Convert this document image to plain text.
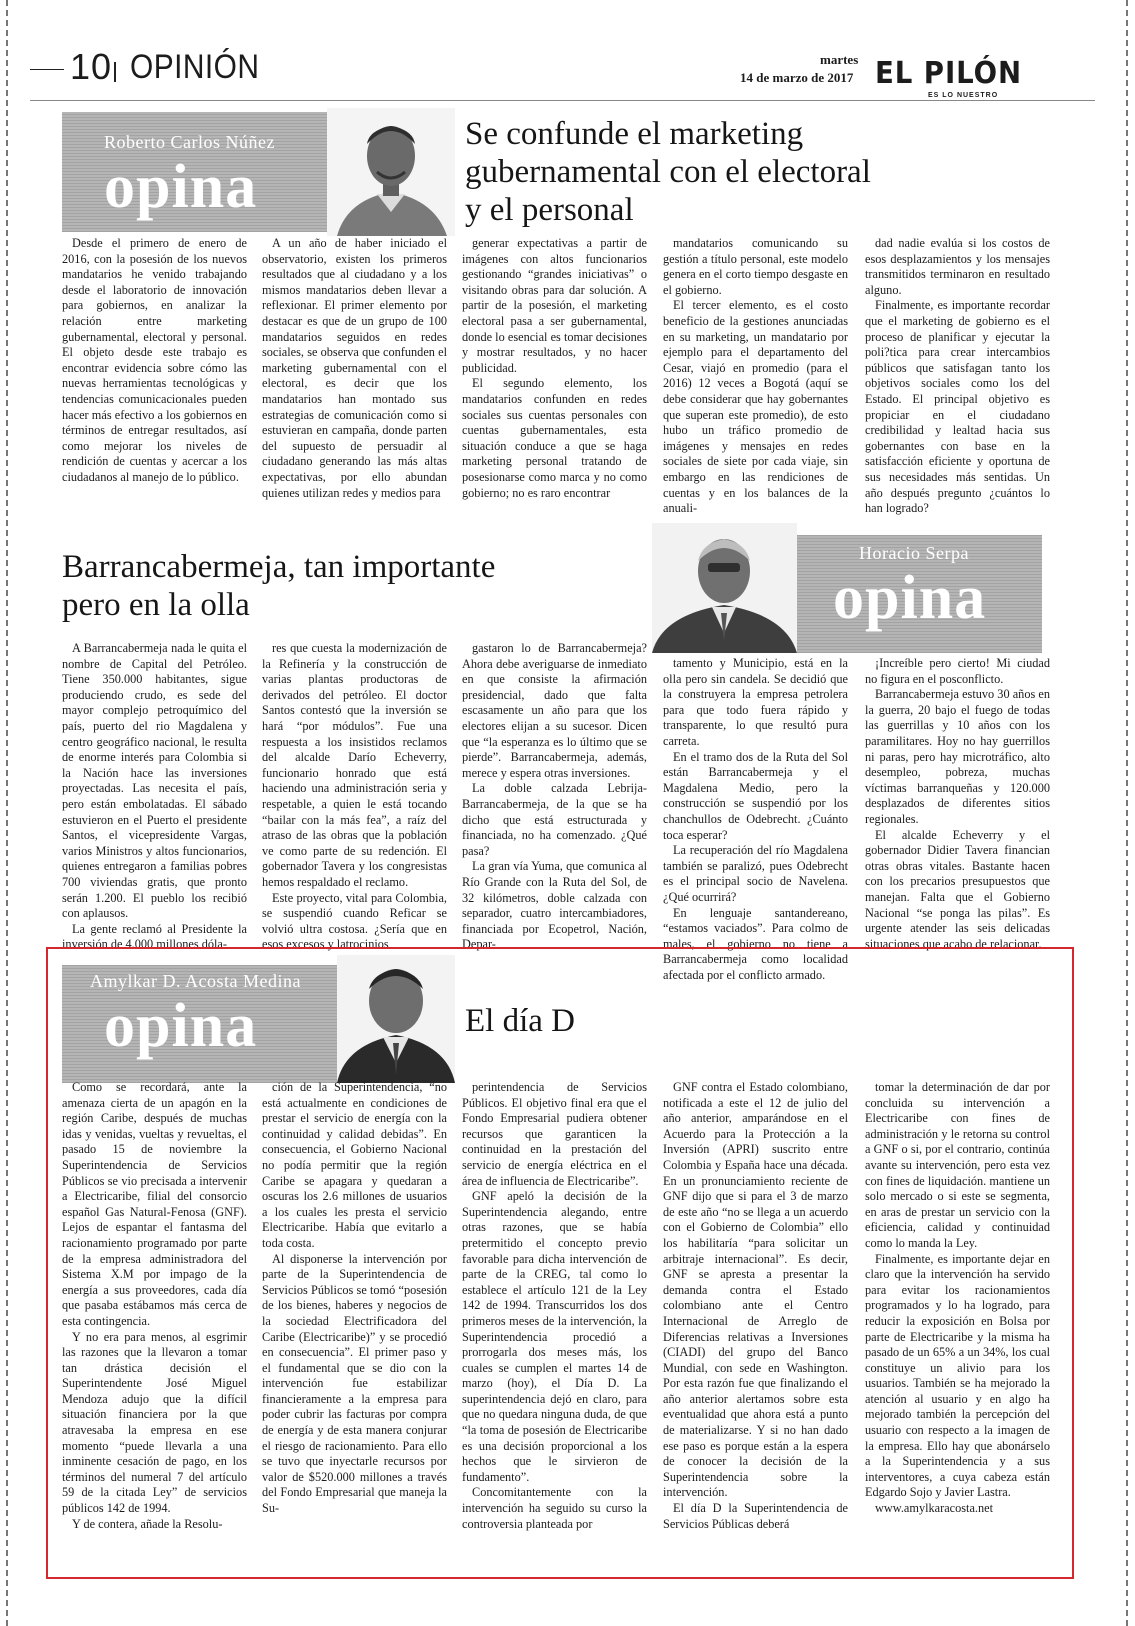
10 OPINIÓN	martes
14 de marzo de 2017 EL PILÓN
ES LO NUESTRO
Roberto Carlos Núñez
opina
Se confunde el marketing
gubernamental con el electoral
y el personal

Desde el primero de enero de 2016, con la posesión de los nuevos mandatarios he venido trabajando desde el laboratorio de innovación para gobiernos, en analizar la relación entre marketing gubernamental, electoral y personal. El objeto desde este trabajo es encontrar evidencia sobre cómo las nuevas herramientas tecnológicas y tendencias comunicacionales pueden hacer más efectivo a los gobiernos en términos de entregar resultados, así como mejorar los niveles de rendición de cuentas y acercar a los ciudadanos al manejo de lo público.

A un año de haber iniciado el observatorio, existen los primeros resultados que al ciudadano y a los mismos mandatarios deben llevar a reflexionar. El primer elemento por destacar es que de un grupo de 100 mandatarios seguidos en redes sociales, se observa que confunden el marketing gubernamental con el electoral, es decir que los mandatarios han montado sus estrategias de comunicación como si estuvieran en campaña, donde parten del supuesto de persuadir al ciudadano generando las más altas expectativas, por ello abundan quienes utilizan redes y medios para

generar expectativas a partir de imágenes con altos funcionarios gestionando “grandes iniciativas” o visitando obras para dar solución. A partir de la posesión, el marketing electoral pasa a ser gubernamental, donde lo esencial es tomar decisiones y mostrar resultados, y no hacer publicidad.

El segundo elemento, los mandatarios confunden en redes sociales sus cuentas personales con cuentas gubernamentales, esta situación conduce a que se haga marketing personal tratando de posesionarse como marca y no como gobierno; no es raro encontrar

mandatarios comunicando su gestión a título personal, este modelo genera en el corto tiempo desgaste en el gobierno.

El tercer elemento, es el costo beneficio de la gestiones anunciadas en su marketing, un mandatario por ejemplo para el departamento del Cesar, viajó en promedio (para el 2016) 12 veces a Bogotá (aquí se debe considerar que hay gobernantes que superan este promedio), de esto hubo un tráfico promedio de imágenes y mensajes en redes sociales de siete por cada viaje, sin embargo en las rendiciones de cuentas y en los balances de la anuali-

dad nadie evalúa si los costos de esos desplazamientos y los mensajes transmitidos terminaron en resultado alguno.

Finalmente, es importante recordar que el marketing de gobierno es el proceso de planificar y ejecutar la poli?tica para crear intercambios públicos que satisfagan tanto los objetivos sociales como los del Estado. El principal objetivo es propiciar en el ciudadano credibilidad y lealtad hacia sus gobernantes con base en la satisfacción eficiente y oportuna de sus necesidades más sentidas. Un año después pregunto ¿cuántos lo han logrado?

Barrancabermeja, tan importante
pero en la olla
Horacio Serpa
opina

A Barrancabermeja nada le quita el nombre de Capital del Petróleo. Tiene 350.000 habitantes, sigue produciendo crudo, es sede del mayor complejo petroquímico del país, puerto del rio Magdalena y centro geográfico nacional, le resulta de enorme interés para Colombia si la Nación hace las inversiones proyectadas. Las necesita el país, pero están embolatadas. El sábado estuvieron en el Puerto el presidente Santos, el vicepresidente Vargas, varios Ministros y altos funcionarios, quienes entregaron a familias pobres 700 viviendas gratis, que pronto serán 1.200. El pueblo los recibió con aplausos.

La gente reclamó al Presidente la inversión de 4.000 millones dóla-

res que cuesta la modernización de la Refinería y la construcción de varias plantas productoras de derivados del petróleo. El doctor Santos contestó que la inversión se hará “por módulos”. Fue una respuesta a los insistidos reclamos del alcalde Darío Echeverry, funcionario honrado que está haciendo una administración seria y respetable, a quien le está tocando “bailar con la más fea”, a raíz del atraso de las obras que la población ve como parte de su redención. El gobernador Tavera y los congresistas hemos respaldado el reclamo.

Este proyecto, vital para Colombia, se suspendió cuando Reficar se volvió ultra costosa. ¿Sería que en esos excesos y latrocinios

gastaron lo de Barrancabermeja? Ahora debe averiguarse de inmediato en que consiste la afirmación presidencial, dado que falta escasamente un año para que los electores elijan a su sucesor. Dicen que “la esperanza es lo último que se pierde”. Barrancabermeja, además, merece y espera otras inversiones.

La doble calzada Lebrija-Barrancabermeja, de la que se ha dicho que está estructurada y financiada, no ha comenzado. ¿Qué pasa?

La gran vía Yuma, que comunica al Río Grande con la Ruta del Sol, de 32 kilómetros, doble calzada con separador, cuatro intercambiadores, financiada por Ecopetrol, Nación, Depar-

tamento y Municipio, está en la olla pero sin candela. Se decidió que la construyera la empresa petrolera para que todo fuera rápido y transparente, lo que resultó pura carreta.

En el tramo dos de la Ruta del Sol están Barrancabermeja y el Magdalena Medio, pero la construcción se suspendió por los chanchullos de Odebrecht. ¿Cuánto toca esperar?

La recuperación del río Magdalena también se paralizó, pues Odebrecht es el principal socio de Navelena. ¿Qué ocurrirá?

En lenguaje santandereano, “estamos vaciados”. Para colmo de males, el gobierno no tiene a Barrancabermeja como localidad afectada por el conflicto armado.

¡Increíble pero cierto! Mi ciudad no figura en el posconflicto.

Barrancabermeja estuvo 30 años en la guerra, 20 bajo el fuego de todas las guerrillas y 10 años con los paramilitares. Hoy no hay guerrillos ni paras, pero hay microtráfico, alto desempleo, pobreza, muchas víctimas barranqueñas y 120.000 desplazados de diferentes sitios regionales.

El alcalde Echeverry y el gobernador Didier Tavera financian otras obras vitales. Bastante hacen con los precarios presupuestos que manejan. Falta que el Gobierno Nacional “se ponga las pilas”. Es urgente atender las seis delicadas situaciones que acabo de relacionar.

Amylkar D. Acosta Medina
opina	El día D

Como se recordará, ante la amenaza cierta de un apagón en la región Caribe, después de muchas idas y venidas, vueltas y revueltas, el pasado 15 de noviembre la Superintendencia de Servicios Públicos se vio precisada a intervenir a Electricaribe, filial del consorcio español Gas Natural-Fenosa (GNF). Lejos de espantar el fantasma del racionamiento programado por parte de la empresa administradora del Sistema X.M por impago de la energía a sus proveedores, cada día que pasaba estábamos más cerca de esta contingencia.

Y no era para menos, al esgrimir las razones que la llevaron a tomar tan drástica decisión el Superintendente José Miguel Mendoza adujo que la difícil situación financiera por la que atravesaba la empresa en ese momento “puede llevarla a una inminente cesación de pago, en los términos del numeral 7 del artículo 59 de la citada Ley” de servicios públicos 142 de 1994.

Y de contera, añade la Resolu-

ción de la Superintendencia, “no está actualmente en condiciones de prestar el servicio de energía con la continuidad y calidad debidas”. En consecuencia, el Gobierno Nacional no podía permitir que la región Caribe se apagara y quedaran a oscuras los 2.6 millones de usuarios a los cuales les presta el servicio Electricaribe. Había que evitarlo a toda costa.

Al disponerse la intervención por parte de la Superintendencia de Servicios Públicos se tomó “posesión de los bienes, haberes y negocios de la sociedad Electrificadora del Caribe (Electricaribe)” y se procedió en consecuencia”. El primer paso y el fundamental que se dio con la intervención fue estabilizar financieramente a la empresa para poder cubrir las facturas por compra de energía y de esta manera conjurar el riesgo de racionamiento. Para ello se tuvo que inyectarle recursos por valor de $520.000 millones a través del Fondo Empresarial que maneja la Su-

perintendencia de Servicios Públicos. El objetivo final era que el Fondo Empresarial pudiera obtener recursos que garanticen la continuidad en la prestación del servicio de energía eléctrica en el área de influencia de Electricaribe”.

GNF apeló la decisión de la Superintendencia alegando, entre otras razones, que se había pretermitido el concepto previo favorable para dicha intervención de parte de la CREG, tal como lo establece el artículo 121 de la Ley 142 de 1994. Transcurridos los dos primeros meses de la intervención, la Superintendencia procedió a prorrogarla dos meses más, los cuales se cumplen el martes 14 de marzo (hoy), el Día D. La superintendencia dejó en claro, para que no quedara ninguna duda, de que “la toma de posesión de Electricaribe es una decisión proporcional a los hechos que le sirvieron de fundamento”.

Concomitantemente con la intervención ha seguido su curso la controversia planteada por

GNF contra el Estado colombiano, notificada a este el 12 de julio del año anterior, amparándose en el Acuerdo para la Protección a la Inversión (APRI) suscrito entre Colombia y España hace una década. En un pronunciamiento reciente de GNF dijo que si para el 3 de marzo de este año “no se llega a un acuerdo con el Gobierno de Colombia” ello los habilitaría “para solicitar un arbitraje internacional”. Es decir, GNF se apresta a presentar la demanda contra el Estado colombiano ante el Centro Internacional de Arreglo de Diferencias relativas a Inversiones (CIADI) del grupo del Banco Mundial, con sede en Washington. Por esta razón fue que finalizando el año anterior alertamos sobre esta eventualidad que ahora está a punto de materializarse. Y si no han dado ese paso es porque están a la espera de conocer la decisión de la Superintendencia sobre la intervención.

El día D la Superintendencia de Servicios Públicas deberá

tomar la determinación de dar por concluida su intervención a Electricaribe con fines de administración y le retorna su control a GNF o si, por el contrario, continúa avante su intervención, pero esta vez con fines de liquidación. mantiene un solo mercado o si este se segmenta, en aras de prestar un servicio con la eficiencia, calidad y continuidad como lo manda la Ley.

Finalmente, es importante dejar en claro que la intervención ha servido para evitar los racionamientos programados y lo ha logrado, para reducir la exposición en Bolsa por parte de Electricaribe y la misma ha pasado de un 65% a un 34%, los cual constituye un alivio para los usuarios. También se ha mejorado la atención al usuario y en algo ha mejorado también la percepción del usuario con respecto a la imagen de la empresa. Ello hay que abonárselo a la Superintendencia y a sus interventores, a cuya cabeza están Edgardo Sojo y Javier Lastra.

www.amylkaracosta.net
